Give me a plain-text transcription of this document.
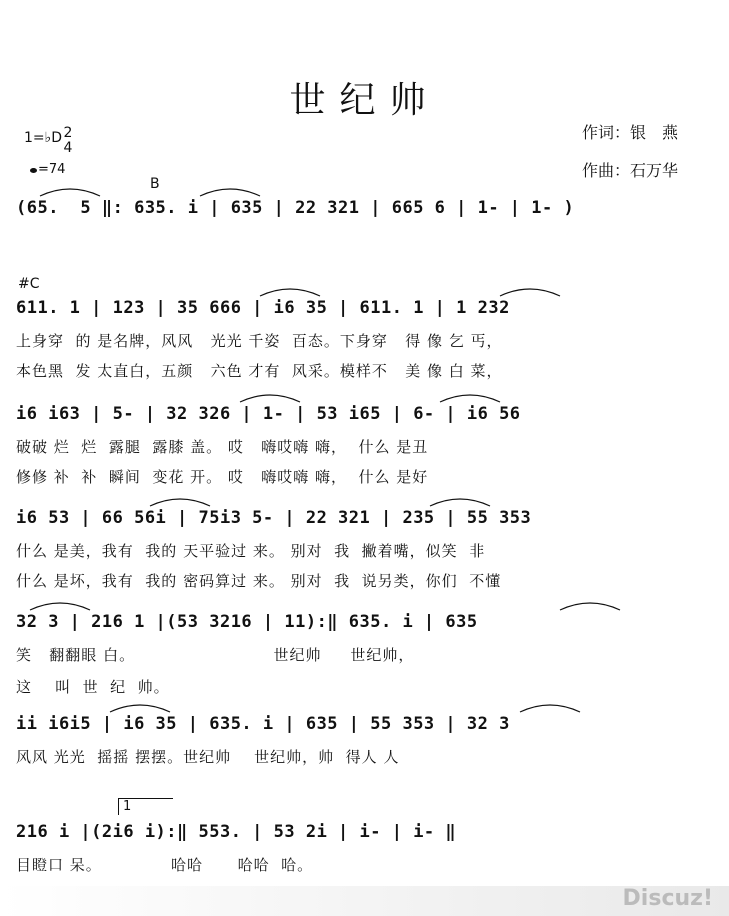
世纪帅
作词：银　燕
作曲：石万华
1=♭D 2
4
=74
B
#C
(65.  5 ‖: 635. i | 635 | 22 321 | 665 6 | 1- | 1- )
611. 1 | 123 | 35 666 | i6 35 | 611. 1 | 1 232
上身穿  的 是名牌，风风   光光 千姿  百态。下身穿   得 像 乞 丐，
本色黑  发 太直白，五颜   六色 才有  风采。模样不   美 像 白 菜，
i6 i63 | 5- | 32 326 | 1- | 53 i65 | 6- | i6 56
破破 烂  烂  露腿  露膝 盖。 哎   嗨哎嗨 嗨，  什么 是丑
修修 补  补  瞬间  变花 开。 哎   嗨哎嗨 嗨，  什么 是好
i6 53 | 66 56i | 75i3 5- | 22 321 | 235 | 55 353
什么 是美，我有  我的 天平验过 来。 别对  我  撇着嘴，似笑  非
什么 是坏，我有  我的 密码算过 来。 别对  我  说另类，你们  不懂
32 3 | 216 1 |(53 3216 | 11):‖ 635. i | 635
笑   翻翻眼 白。                        世纪帅     世纪帅，
这    叫  世  纪  帅。
ii i6i5 | i6 35 | 635. i | 635 | 55 353 | 32 3
风风 光光  摇摇 摆摆。世纪帅    世纪帅，帅  得人 人
1
216 i |(2i6 i):‖ 553. | 53 2i | i- | i- ‖
目瞪口 呆。            哈哈      哈哈  哈。
Discuz!
